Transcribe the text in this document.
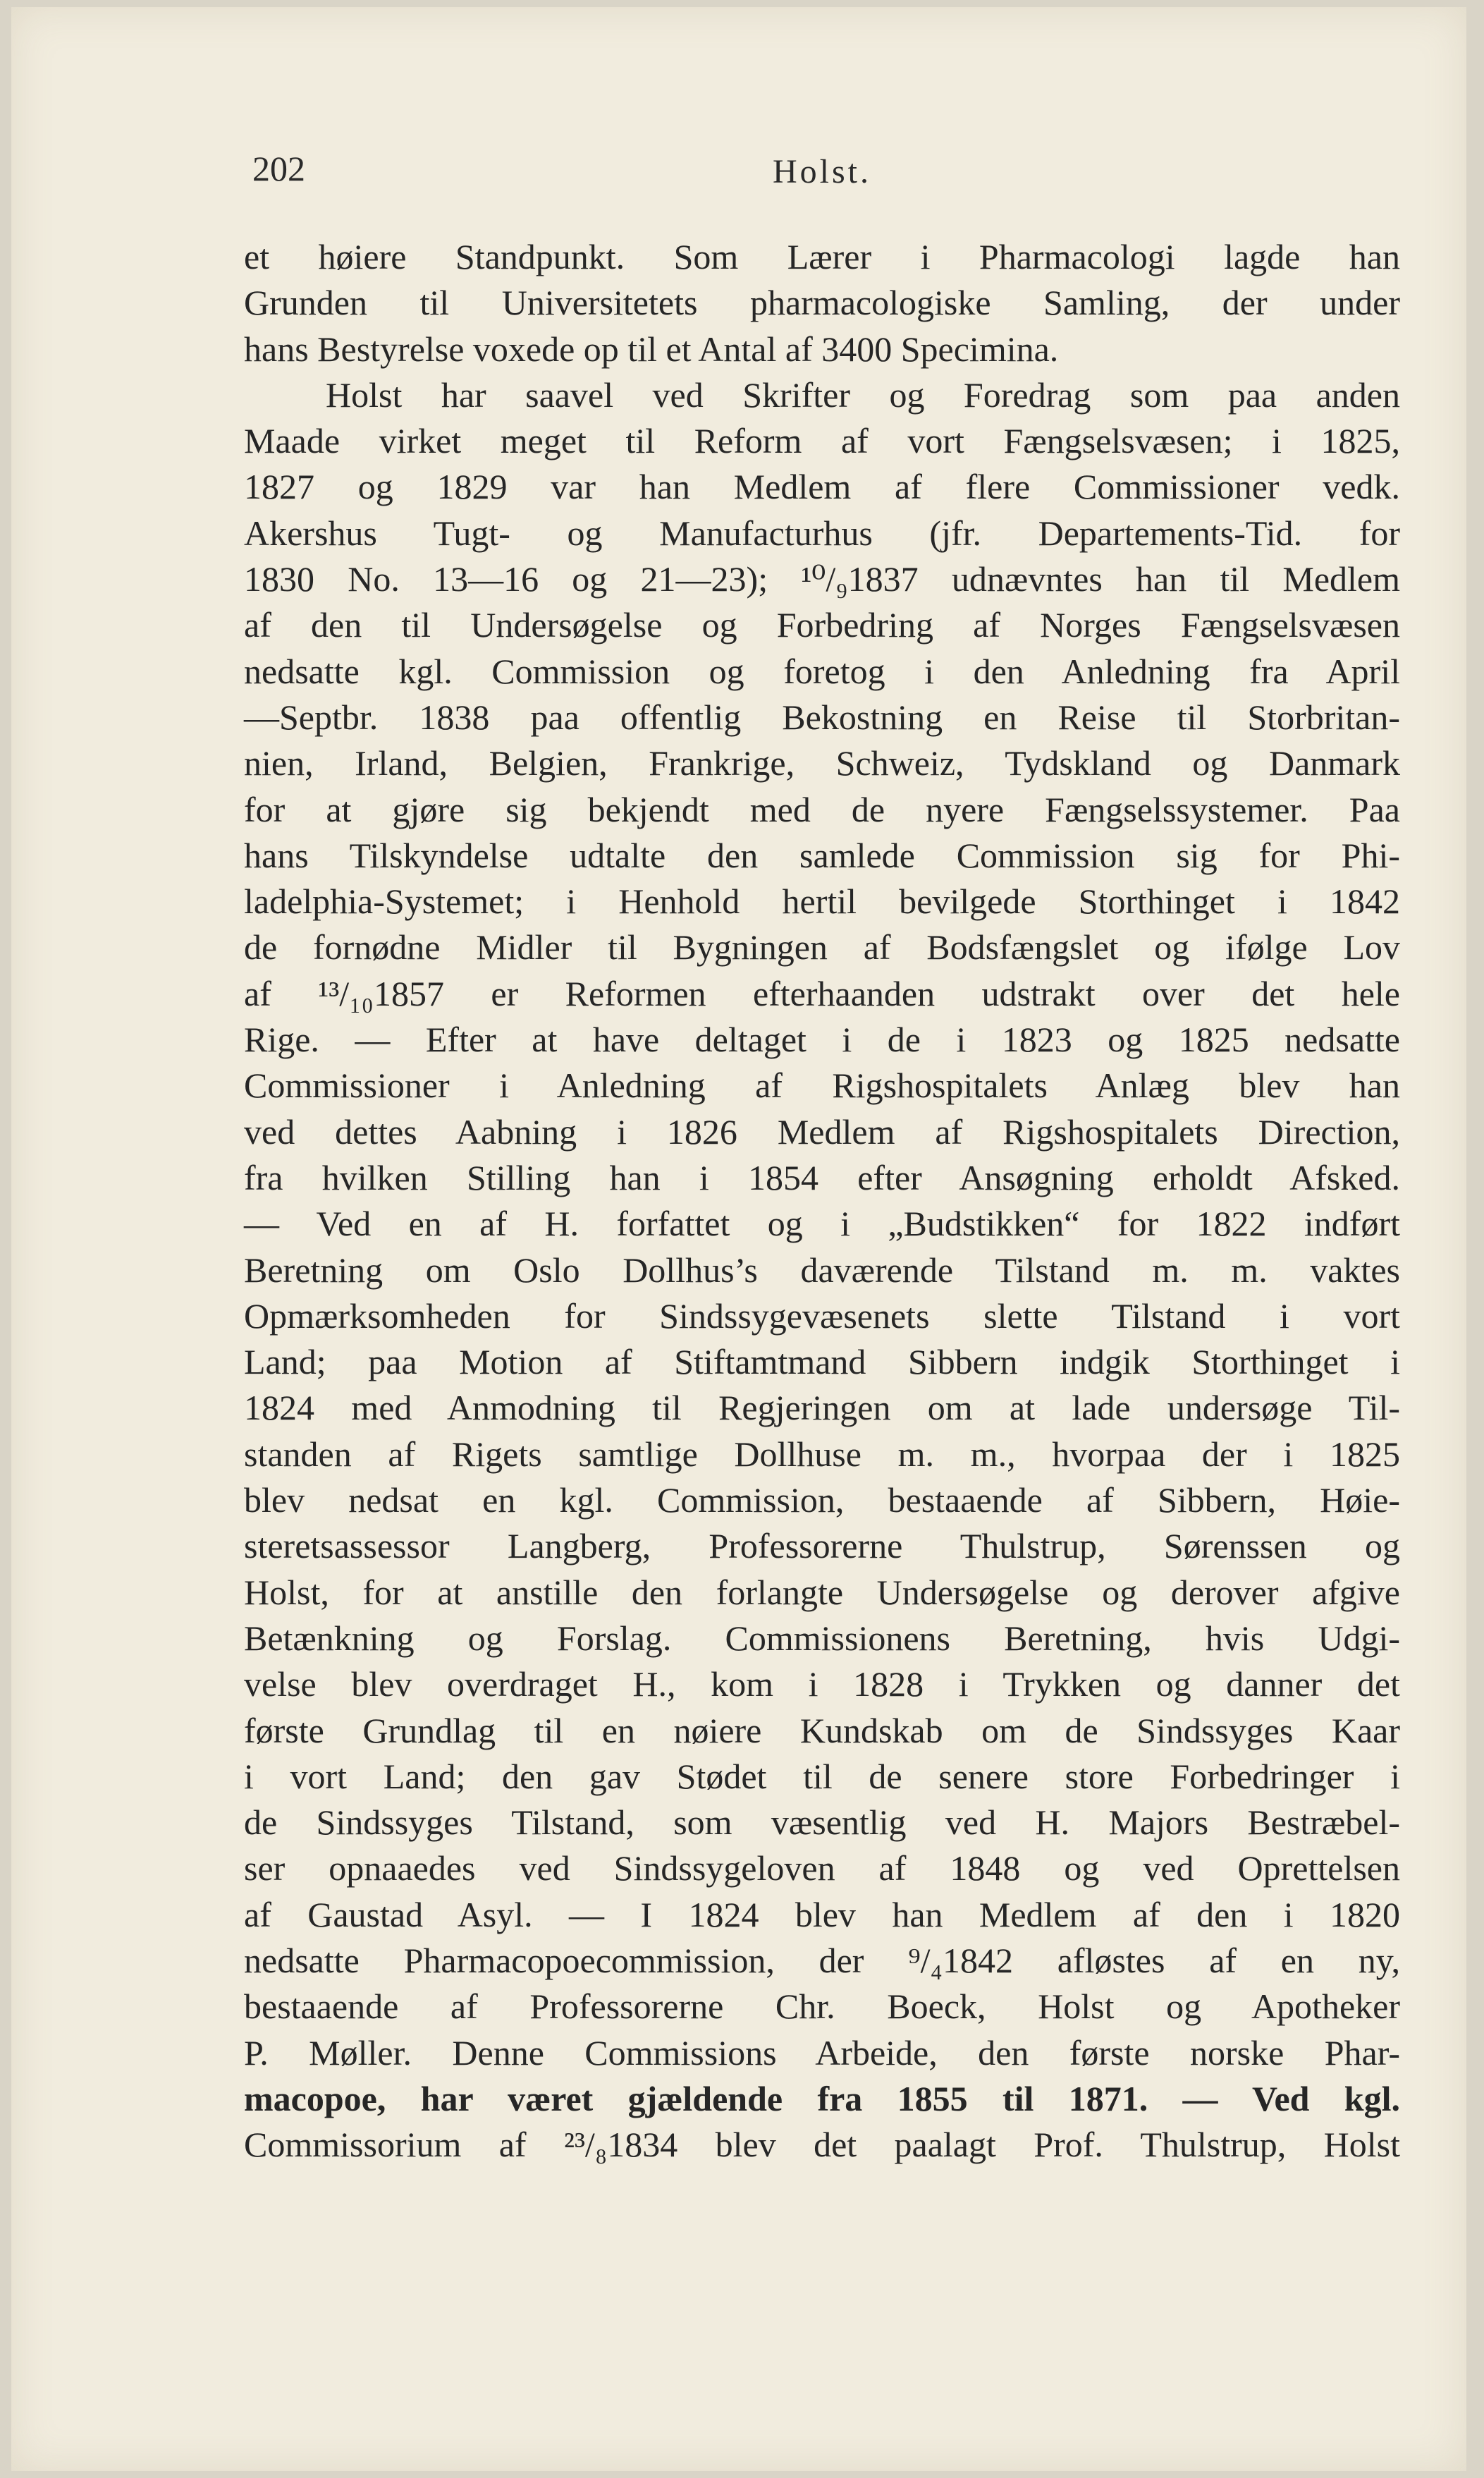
202	Holst.
et høiere Standpunkt. Som Lærer i Pharmacologi lagde han
Grunden til Universitetets pharmacologiske Samling, der under
hans Bestyrelse voxede op til et Antal af 3400 Specimina.
Holst har saavel ved Skrifter og Foredrag som paa anden
Maade virket meget til Reform af vort Fængselsvæsen; i 1825,
1827 og 1829 var han Medlem af flere Commissioner vedk.
Akershus Tugt- og Manufacturhus (jfr. Departements-Tid. for
1830 No. 13—16 og 21—23); ¹⁰/₉1837 udnævntes han til Medlem
af den til Undersøgelse og Forbedring af Norges Fængselsvæsen
nedsatte kgl. Commission og foretog i den Anledning fra April
—Septbr. 1838 paa offentlig Bekostning en Reise til Storbritan-
nien, Irland, Belgien, Frankrige, Schweiz, Tydskland og Danmark
for at gjøre sig bekjendt med de nyere Fængselssystemer. Paa
hans Tilskyndelse udtalte den samlede Commission sig for Phi-
ladelphia-Systemet; i Henhold hertil bevilgede Storthinget i 1842
de fornødne Midler til Bygningen af Bodsfængslet og ifølge Lov
af ¹³/₁₀1857 er Reformen efterhaanden udstrakt over det hele
Rige. — Efter at have deltaget i de i 1823 og 1825 nedsatte
Commissioner i Anledning af Rigshospitalets Anlæg blev han
ved dettes Aabning i 1826 Medlem af Rigshospitalets Direction,
fra hvilken Stilling han i 1854 efter Ansøgning erholdt Afsked.
— Ved en af H. forfattet og i „Budstikken“ for 1822 indført
Beretning om Oslo Dollhus’s daværende Tilstand m. m. vaktes
Opmærksomheden for Sindssygevæsenets slette Tilstand i vort
Land; paa Motion af Stiftamtmand Sibbern indgik Storthinget i
1824 med Anmodning til Regjeringen om at lade undersøge Til-
standen af Rigets samtlige Dollhuse m. m., hvorpaa der i 1825
blev nedsat en kgl. Commission, bestaaende af Sibbern, Høie-
steretsassessor Langberg, Professorerne Thulstrup, Sørenssen og
Holst, for at anstille den forlangte Undersøgelse og derover afgive
Betænkning og Forslag. Commissionens Beretning, hvis Udgi-
velse blev overdraget H., kom i 1828 i Trykken og danner det
første Grundlag til en nøiere Kundskab om de Sindssyges Kaar
i vort Land; den gav Stødet til de senere store Forbedringer i
de Sindssyges Tilstand, som væsentlig ved H. Majors Bestræbel-
ser opnaaedes ved Sindssygeloven af 1848 og ved Oprettelsen
af Gaustad Asyl. — I 1824 blev han Medlem af den i 1820
nedsatte Pharmacopoecommission, der ⁹/₄1842 afløstes af en ny,
bestaaende af Professorerne Chr. Boeck, Holst og Apotheker
P. Møller. Denne Commissions Arbeide, den første norske Phar-
macopoe, har været gjældende fra 1855 til 1871. — Ved kgl.
Commissorium af ²³/₈1834 blev det paalagt Prof. Thulstrup, Holst
